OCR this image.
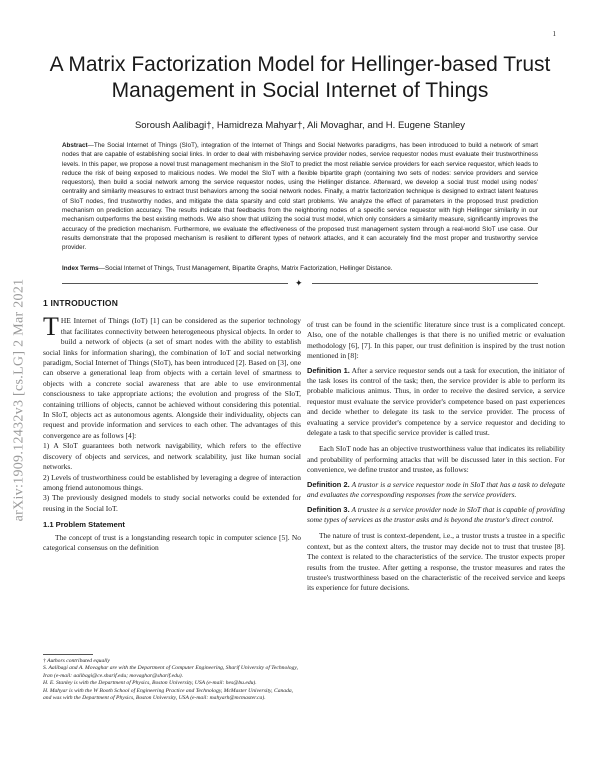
1
arXiv:1909.12432v3 [cs.LG] 2 Mar 2021
A Matrix Factorization Model for Hellinger-based Trust Management in Social Internet of Things
Soroush Aalibagi†, Hamidreza Mahyar†, Ali Movaghar, and H. Eugene Stanley
Abstract—The Social Internet of Things (SIoT), integration of the Internet of Things and Social Networks paradigms, has been introduced to build a network of smart nodes that are capable of establishing social links. In order to deal with misbehaving service provider nodes, service requestor nodes must evaluate their trustworthiness levels. In this paper, we propose a novel trust management mechanism in the SIoT to predict the most reliable service providers for each service requestor, which leads to reduce the risk of being exposed to malicious nodes. We model the SIoT with a flexible bipartite graph (containing two sets of nodes: service providers and service requestors), then build a social network among the service requestor nodes, using the Hellinger distance. Afterward, we develop a social trust model using nodes' centrality and similarity measures to extract trust behaviors among the social network nodes. Finally, a matrix factorization technique is designed to extract latent features of SIoT nodes, find trustworthy nodes, and mitigate the data sparsity and cold start problems. We analyze the effect of parameters in the proposed trust prediction mechanism on prediction accuracy. The results indicate that feedbacks from the neighboring nodes of a specific service requestor with high Hellinger similarity in our mechanism outperforms the best existing methods. We also show that utilizing the social trust model, which only considers a similarity measure, significantly improves the accuracy of the prediction mechanism. Furthermore, we evaluate the effectiveness of the proposed trust management system through a real-world SIoT use case. Our results demonstrate that the proposed mechanism is resilient to different types of network attacks, and it can accurately find the most proper and trustworthy service provider.
Index Terms—Social Internet of Things, Trust Management, Bipartite Graphs, Matrix Factorization, Hellinger Distance.
✦
1 INTRODUCTION

THE Internet of Things (IoT) [1] can be considered as the superior technology that facilitates connectivity between heterogeneous physical objects. In order to build a network of objects (a set of smart nodes with the ability to establish social links for information sharing), the combination of IoT and social networking paradigm, Social Internet of Things (SIoT), has been introduced [2]. Based on [3], one can observe a generational leap from objects with a certain level of smartness to objects with a concrete social awareness that are able to use environmental consciousness to take appropriate actions; the evolution and progress of the SIoT, containing trillions of objects, cannot be achieved without considering this potential. In SIoT, objects act as autonomous agents. Alongside their individuality, objects can request and provide information and services to each other. The advantages of this convergence are as follows [4]:

1) A SIoT guarantees both network navigability, which refers to the effective discovery of objects and services, and network scalability, just like human social networks.

2) Levels of trustworthiness could be established by leveraging a degree of interaction among friend autonomous things.

3) The previously designed models to study social networks could be extended for reusing in the Social IoT.

1.1 Problem Statement

The concept of trust is a longstanding research topic in computer science [5]. No categorical consensus on the definition

of trust can be found in the scientific literature since trust is a complicated concept. Also, one of the notable challenges is that there is no unified metric or evaluation methodology [6], [7]. In this paper, our trust definition is inspired by the trust notion mentioned in [8]:

Definition 1. After a service requestor sends out a task for execution, the initiator of the task loses its control of the task; then, the service provider is able to perform its probable malicious animus. Thus, in order to receive the desired service, a service requestor must evaluate the service provider's competence based on past experiences and decide whether to delegate its task to the service provider. The process of evaluating a service provider's competence by a service requestor and deciding to delegate a task to that specific service provider is called trust.

Each SIoT node has an objective trustworthiness value that indicates its reliability and probability of performing attacks that will be discussed later in this section. For convenience, we define trustor and trustee, as follows:

Definition 2. A trustor is a service requestor node in SIoT that has a task to delegate and evaluates the corresponding responses from the service providers.

Definition 3. A trustee is a service provider node in SIoT that is capable of providing some types of services as the trustor asks and is beyond the trustor's direct control.

The nature of trust is context-dependent, i.e., a trustor trusts a trustee in a specific context, but as the context alters, the trustor may decide not to trust that trustee [8]. The context is related to the characteristics of the service. The trustor expects proper results from the trustee. After getting a response, the trustor measures and rates the trustee's trustworthiness based on the characteristic of the received service and keeps its experience for future decisions.

† Authors contributed equally
S. Aalibagi and A. Movaghar are with the Department of Computer Engineering, Sharif University of Technology, Iran (e-mail: aalibagi@ce.sharif.edu; movaghar@sharif.edu).
H. E. Stanley is with the Department of Physics, Boston University, USA (e-mail: hes@bu.edu).
H. Mahyar is with the W Booth School of Engineering Practice and Technology, McMaster University, Canada, and was with the Department of Physics, Boston University, USA (e-mail: mahyarh@mcmaster.ca).
